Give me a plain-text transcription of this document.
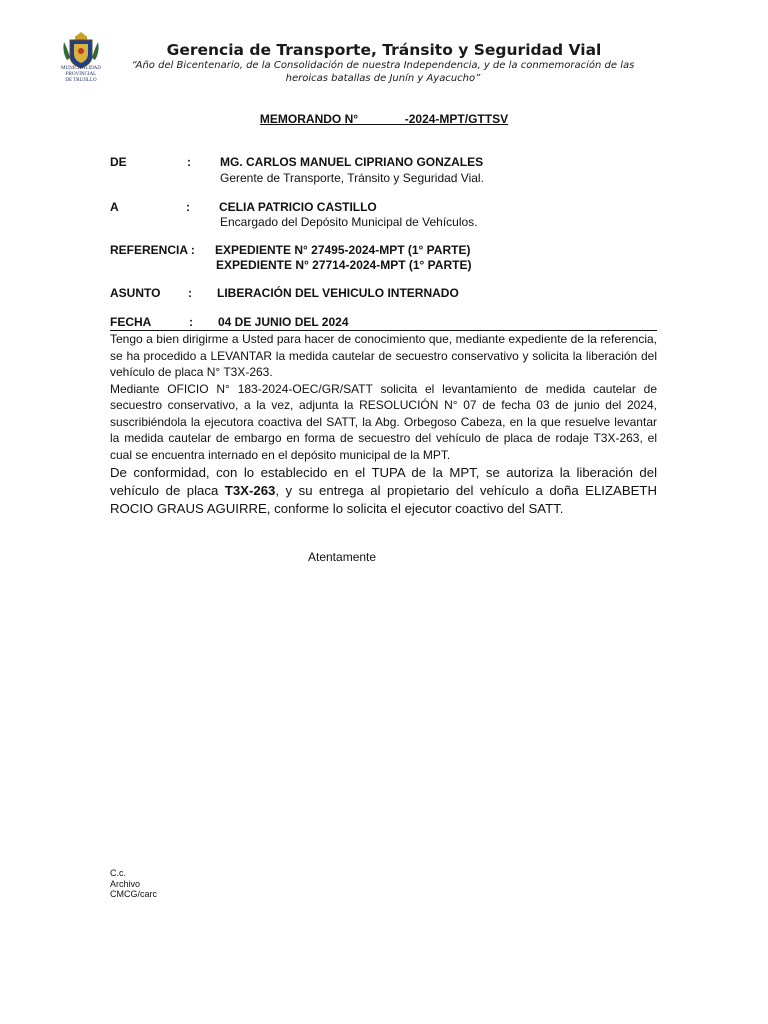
MUNICIPALIDAD
PROVINCIAL
DE TRUJILLO
Gerencia de Transporte, Tránsito y Seguridad Vial
“Año del Bicentenario, de la Consolidación de nuestra Independencia, y de la conmemoración de las
heroicas batallas de Junín y Ayacucho”
MEMORANDO N°              -2024-MPT/GTTSV
DE	: MG. CARLOS MANUEL CIPRIANO GONZALES
Gerente de Transporte, Tránsito y Seguridad Vial.
A	: CELIA PATRICIO CASTILLO
Encargado del Depósito Municipal de Vehículos.
REFERENCIA : EXPEDIENTE N° 27495-2024-MPT (1° PARTE)
EXPEDIENTE N° 27714-2024-MPT (1° PARTE)
ASUNTO : LIBERACIÓN DEL VEHICULO INTERNADO
FECHA	: 04 DE JUNIO DEL 2024

Tengo a bien dirigirme a Usted para hacer de conocimiento que, mediante expediente de la referencia, se ha procedido a LEVANTAR la medida cautelar de secuestro conservativo y solicita la liberación del vehículo de placa N° T3X-263.

Mediante OFICIO N° 183-2024-OEC/GR/SATT solicita el levantamiento de medida cautelar de secuestro conservativo, a la vez, adjunta la RESOLUCIÓN N° 07 de fecha 03 de junio del 2024, suscribiéndola la ejecutora coactiva del SATT, la Abg. Orbegoso Cabeza, en la que resuelve levantar la medida cautelar de embargo en forma de secuestro del vehículo de placa de rodaje T3X-263, el cual se encuentra internado en el depósito municipal de la MPT.

De conformidad, con lo establecido en el TUPA de la MPT, se autoriza la liberación del vehículo de placa T3X-263, y su entrega al propietario del vehículo a doña ELIZABETH ROCIO GRAUS AGUIRRE, conforme lo solicita el ejecutor coactivo del SATT.

Atentamente
C.c.
Archivo
CMCG/carc
